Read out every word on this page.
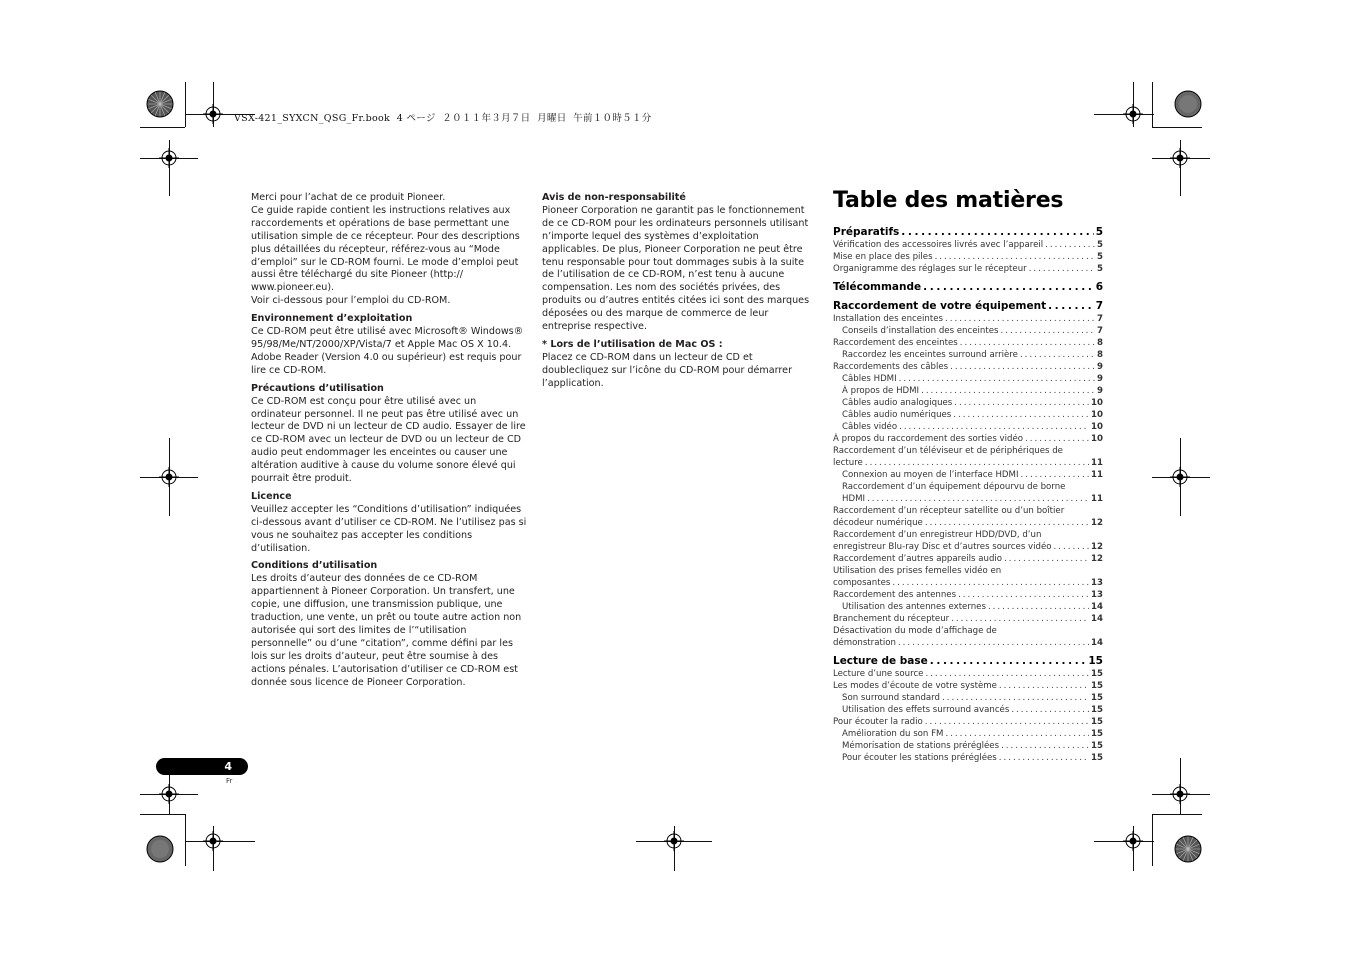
VSX-421_SYXCN_QSG_Fr.book  4 ページ  ２０１１年３月７日  月曜日  午前１０時５１分

Merci pour l’achat de ce produit Pioneer.

Ce guide rapide contient les instructions relatives aux raccordements et opérations de base permettant une utilisation simple de ce récepteur. Pour des descriptions plus détaillées du récepteur, référez-vous au “Mode d’emploi” sur le CD-ROM fourni. Le mode d’emploi peut aussi être téléchargé du site Pioneer (http:// www.pioneer.eu).

Voir ci-dessous pour l’emploi du CD-ROM.

Environnement d’exploitation

Ce CD-ROM peut être utilisé avec Microsoft® Windows® 95/98/Me/NT/2000/XP/Vista/7 et Apple Mac OS X 10.4.

Adobe Reader (Version 4.0 ou supérieur) est requis pour lire ce CD-ROM.

Précautions d’utilisation

Ce CD-ROM est conçu pour être utilisé avec un ordinateur personnel. Il ne peut pas être utilisé avec un lecteur de DVD ni un lecteur de CD audio. Essayer de lire ce CD-ROM avec un lecteur de DVD ou un lecteur de CD audio peut endommager les enceintes ou causer une altération auditive à cause du volume sonore élevé qui pourrait être produit.

Licence

Veuillez accepter les “Conditions d’utilisation” indiquées ci-dessous avant d’utiliser ce CD-ROM. Ne l’utilisez pas si vous ne souhaitez pas accepter les conditions d’utilisation.

Conditions d’utilisation

Les droits d’auteur des données de ce CD-ROM appartiennent à Pioneer Corporation. Un transfert, une copie, une diffusion, une transmission publique, une traduction, une vente, un prêt ou toute autre action non autorisée qui sort des limites de l’“utilisation personnelle” ou d’une “citation”, comme défini par les lois sur les droits d’auteur, peut être soumise à des actions pénales. L’autorisation d’utiliser ce CD-ROM est donnée sous licence de Pioneer Corporation.

Avis de non-responsabilité

Pioneer Corporation ne garantit pas le fonctionnement de ce CD-ROM pour les ordinateurs personnels utilisant n’importe lequel des systèmes d’exploitation applicables. De plus, Pioneer Corporation ne peut être tenu responsable pour tout dommages subis à la suite de l’utilisation de ce CD-ROM, n’est tenu à aucune compensation. Les nom des sociétés privées, des produits ou d’autres entités citées ici sont des marques déposées ou des marque de commerce de leur entreprise respective.

* Lors de l’utilisation de Mac OS :

Placez ce CD-ROM dans un lecteur de CD et doublecliquez sur l’icône du CD-ROM pour démarrer l’application.

Table des matières
Préparatifs .....	5
Vérification des accessoires livrés avec l’appareil .....	5
Mise en place des piles .....	5
Organigramme des réglages sur le récepteur .....	5
Télécommande .....	6
Raccordement de votre équipement .....	7
Installation des enceintes .....	7
Conseils d’installation des enceintes .....	7
Raccordement des enceintes .....	8
Raccordez les enceintes surround arrière .....	8
Raccordements des câbles .....	9
Câbles HDMI .....	9
À propos de HDMI .....	9
Câbles audio analogiques .....	10
Câbles audio numériques .....	10
Câbles vidéo .....	10
À propos du raccordement des sorties vidéo .....	10
Raccordement d’un téléviseur et de périphériques de
lecture .....	11
Connexion au moyen de l’interface HDMI .....	11
Raccordement d’un équipement dépourvu de borne
HDMI .....	11
Raccordement d’un récepteur satellite ou d’un boîtier
décodeur numérique .....	12
Raccordement d’un enregistreur HDD/DVD, d’un
enregistreur Blu-ray Disc et d’autres sources vidéo .....	12
Raccordement d’autres appareils audio .....	12
Utilisation des prises femelles vidéo en
composantes .....	13
Raccordement des antennes .....	13
Utilisation des antennes externes .....	14
Branchement du récepteur .....	14
Désactivation du mode d’affichage de
démonstration .....	14
Lecture de base .....	15
Lecture d’une source .....	15
Les modes d’écoute de votre système .....	15
Son surround standard .....	15
Utilisation des effets surround avancés .....	15
Pour écouter la radio .....	15
Amélioration du son FM .....	15
Mémorisation de stations préréglées .....	15
Pour écouter les stations préréglées .....	15
4
Fr
